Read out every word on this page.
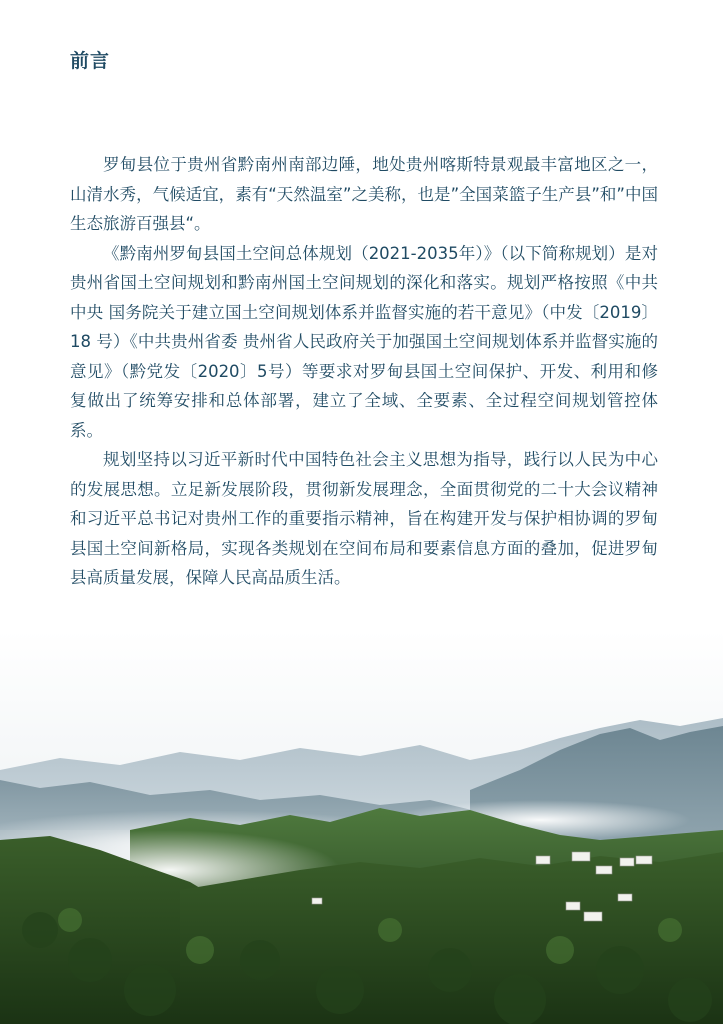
前言

罗甸县位于贵州省黔南州南部边陲，地处贵州喀斯特景观最丰富地区之一，山清水秀，气候适宜，素有“天然温室”之美称，也是”全国菜篮子生产县”和”中国生态旅游百强县“。

《黔南州罗甸县国土空间总体规划（2021-2035年）》（以下简称规划）是对贵州省国土空间规划和黔南州国土空间规划的深化和落实。规划严格按照《中共中央 国务院关于建立国土空间规划体系并监督实施的若干意见》（中发〔2019〕18 号）《中共贵州省委 贵州省人民政府关于加强国土空间规划体系并监督实施的意见》（黔党发〔2020〕5号）等要求对罗甸县国土空间保护、开发、利用和修复做出了统筹安排和总体部署，建立了全域、全要素、全过程空间规划管控体系。

规划坚持以习近平新时代中国特色社会主义思想为指导，践行以人民为中心的发展思想。立足新发展阶段，贯彻新发展理念，全面贯彻党的二十大会议精神和习近平总书记对贵州工作的重要指示精神，旨在构建开发与保护相协调的罗甸县国土空间新格局，实现各类规划在空间布局和要素信息方面的叠加，促进罗甸县高质量发展，保障人民高品质生活。
